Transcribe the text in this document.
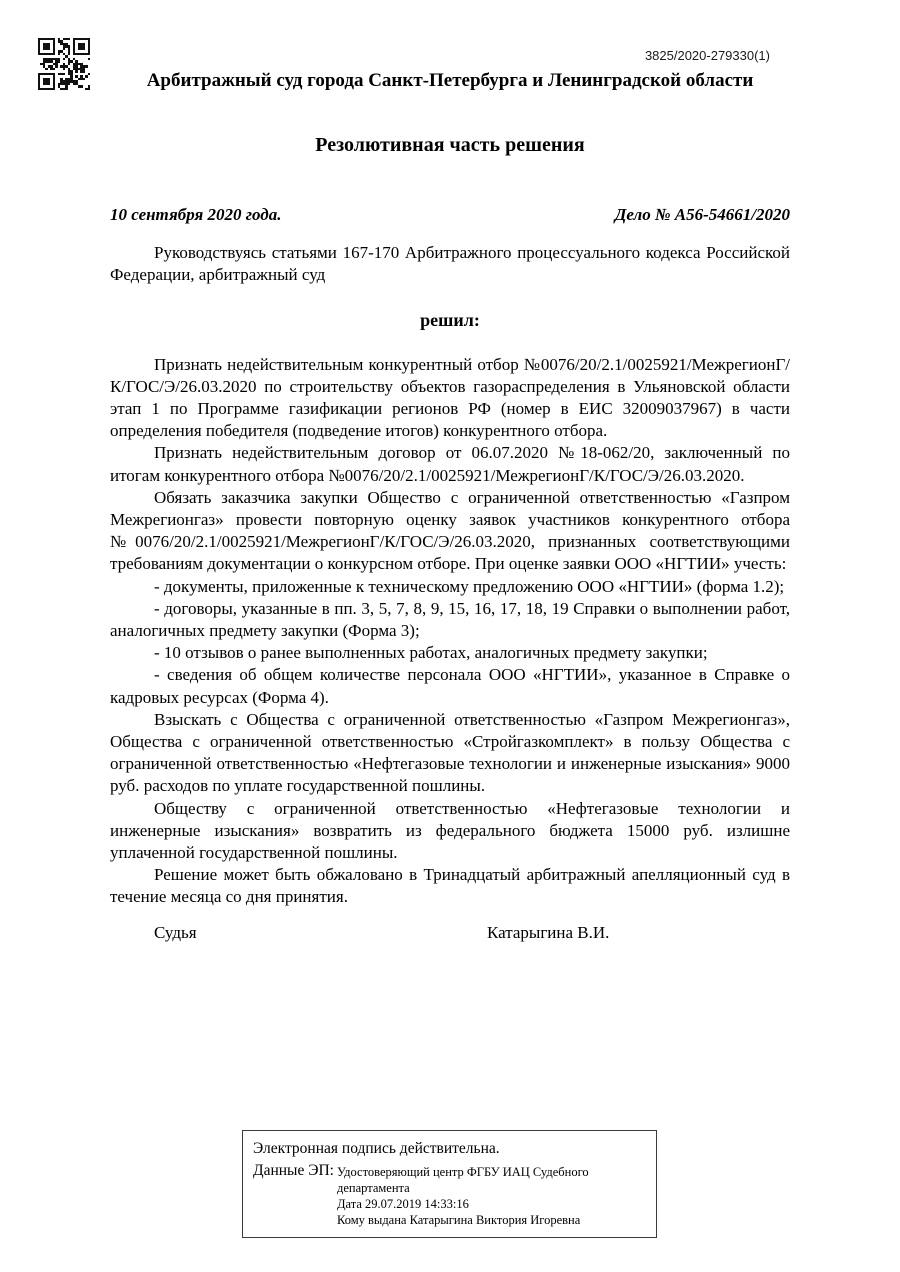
3825/2020-279330(1)
Арбитражный суд города Санкт-Петербурга и Ленинградской области
Резолютивная часть решения
10 сентября 2020 года.	Дело № А56-54661/2020

Руководствуясь статьями 167-170 Арбитражного процессуального кодекса Российской Федерации, арбитражный суд

решил:

Признать недействительным конкурентный отбор №0076/20/2.1/0025921/МежрегионГ/К/ГОС/Э/26.03.2020 по строительству объектов газораспределения в Ульяновской области этап 1 по Программе газификации регионов РФ (номер в ЕИС 32009037967) в части определения победителя (подведение итогов) конкурентного отбора.

Признать недействительным договор от 06.07.2020 №18-062/20, заключенный по итогам конкурентного отбора №0076/20/2.1/0025921/МежрегионГ/К/ГОС/Э/26.03.2020.

Обязать заказчика закупки Общество с ограниченной ответственностью «Газпром Межрегионгаз» провести повторную оценку заявок участников конкурентного отбора №0076/20/2.1/0025921/МежрегионГ/К/ГОС/Э/26.03.2020, признанных соответствующими требованиям документации о конкурсном отборе. При оценке заявки ООО «НГТИИ» учесть:

- документы, приложенные к техническому предложению ООО «НГТИИ» (форма 1.2);

- договоры, указанные в пп. 3, 5, 7, 8, 9, 15, 16, 17, 18, 19 Справки о выполнении работ, аналогичных предмету закупки (Форма 3);

- 10 отзывов о ранее выполненных работах, аналогичных предмету закупки;

- сведения об общем количестве персонала ООО «НГТИИ», указанное в Справке о кадровых ресурсах (Форма 4).

Взыскать с Общества с ограниченной ответственностью «Газпром Межрегионгаз», Общества с ограниченной ответственностью «Стройгазкомплект» в пользу Общества с ограниченной ответственностью «Нефтегазовые технологии и инженерные изыскания» 9000 руб. расходов по уплате государственной пошлины.

Обществу с ограниченной ответственностью «Нефтегазовые технологии и инженерные изыскания» возвратить из федерального бюджета 15000 руб. излишне уплаченной государственной пошлины.

Решение может быть обжаловано в Тринадцатый арбитражный апелляционный суд в течение месяца со дня принятия.

Судья	Катарыгина В.И.
Электронная подпись действительна.
Данные ЭП: Удостоверяющий центр ФГБУ ИАЦ Судебного департамента
Дата 29.07.2019 14:33:16
Кому выдана Катарыгина Виктория Игоревна
